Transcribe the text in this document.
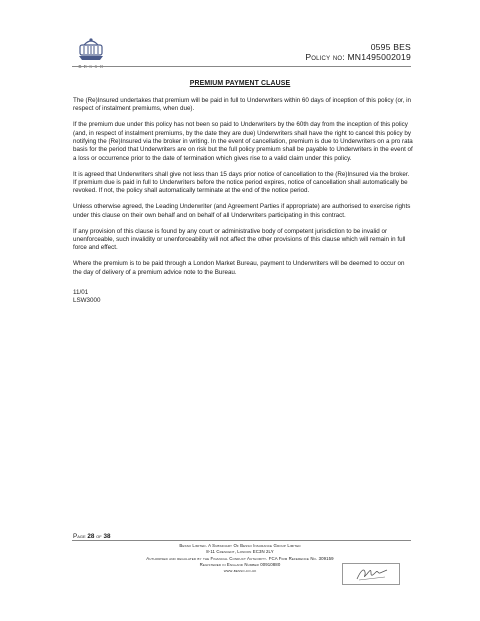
BESSO
0595 BES
Policy no: MN1495002019
PREMIUM PAYMENT CLAUSE

The (Re)Insured undertakes that premium will be paid in full to Underwriters within 60 days of inception of this policy (or, in respect of instalment premiums, when due).

If the premium due under this policy has not been so paid to Underwriters by the 60th day from the inception of this policy (and, in respect of instalment premiums, by the date they are due) Underwriters shall have the right to cancel this policy by notifying the (Re)Insured via the broker in writing. In the event of cancellation, premium is due to Underwriters on a pro rata basis for the period that Underwriters are on risk but the full policy premium shall be payable to Underwriters in the event of a loss or occurrence prior to the date of termination which gives rise to a valid claim under this policy.

It is agreed that Underwriters shall give not less than 15 days prior notice of cancellation to the (Re)Insured via the broker. If premium due is paid in full to Underwriters before the notice period expires, notice of cancellation shall automatically be revoked. If not, the policy shall automatically terminate at the end of the notice period.

Unless otherwise agreed, the Leading Underwriter (and Agreement Parties if appropriate) are authorised to exercise rights under this clause on their own behalf and on behalf of all Underwriters participating in this contract.

If any provision of this clause is found by any court or administrative body of competent jurisdiction to be invalid or unenforceable, such invalidity or unenforceability will not affect the other provisions of this clause which will remain in full force and effect.

Where the premium is to be paid through a London Market Bureau, payment to Underwriters will be deemed to occur on the day of delivery of a premium advice note to the Bureau.

11/01
LSW3000
Page 28 of 38
Besso Limited. A Subsidiary Of Besso Insurance Group Limited
8-11 Crescent, London EC3N 2LY
Authorised and regulated by the Financial Conduct Authority. FCA Firm Reference No. 309159
Registered in England Number 00910880
www.besso.co.uk
